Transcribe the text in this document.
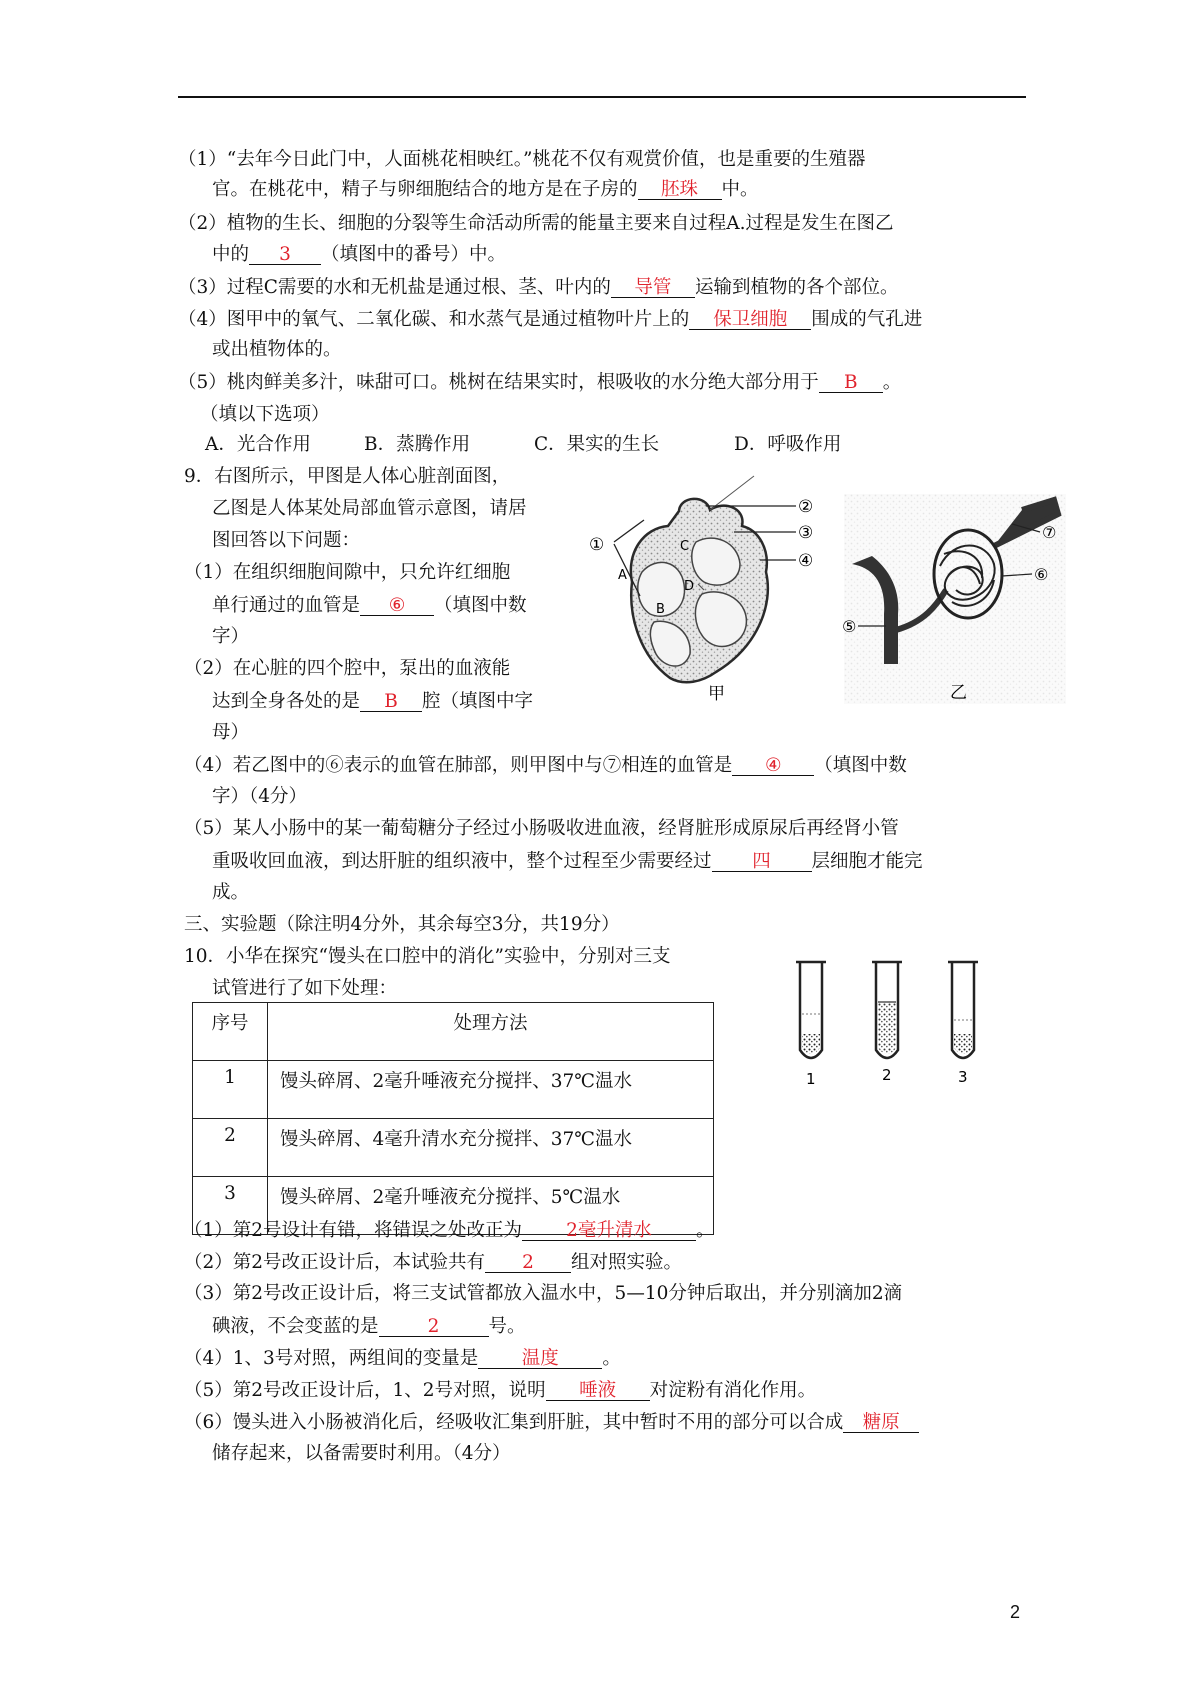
（1）“去年今日此门中，人面桃花相映红。”桃花不仅有观赏价值，也是重要的生殖器
官。在桃花中，精子与卵细胞结合的地方是在子房的 胚珠 中。
（2）植物的生长、细胞的分裂等生命活动所需的能量主要来自过程A.过程是发生在图乙
中的 3 （填图中的番号）中。
（3）过程C需要的水和无机盐是通过根、茎、叶内的 导管 运输到植物的各个部位。
（4）图甲中的氧气、二氧化碳、和水蒸气是通过植物叶片上的 保卫细胞 围成的气孔进
或出植物体的。
（5）桃肉鲜美多汁，味甜可口。桃树在结果实时，根吸收的水分绝大部分用于 B 。
（填以下选项）
A．光合作用	B．蒸腾作用	C．果实的生长	D．呼吸作用
9．右图所示，甲图是人体心脏剖面图，
乙图是人体某处局部血管示意图，请居
图回答以下问题：
（1）在组织细胞间隙中，只允许红细胞
单行通过的血管是 ⑥ （填图中数
字）
（2）在心脏的四个腔中，泵出的血液能
达到全身各处的是 B 腔（填图中字
母）
（4）若乙图中的⑥表示的血管在肺部，则甲图中与⑦相连的血管是 ④ （填图中数
字）（4分）
（5）某人小肠中的某一葡萄糖分子经过小肠吸收进血液，经肾脏形成原尿后再经肾小管
重吸收回血液，到达肝脏的组织液中，整个过程至少需要经过 四 层细胞才能完
成。
A
B
C
D
①
②
③
④
甲
⑤
⑥
⑦
乙
三、实验题（除注明4分外，其余每空3分，共19分）
10．小华在探究“馒头在口腔中的消化”实验中，分别对三支
试管进行了如下处理：
序号	处理方法
1	馒头碎屑、2毫升唾液充分搅拌、37℃温水
2	馒头碎屑、4毫升清水充分搅拌、37℃温水
3	馒头碎屑、2毫升唾液充分搅拌、5℃温水
1	2	3
（1）第2号设计有错，将错误之处改正为 2毫升清水 。
（2）第2号改正设计后，本试验共有 2 组对照实验。
（3）第2号改正设计后，将三支试管都放入温水中，5—10分钟后取出，并分别滴加2滴
碘液，不会变蓝的是	2	号。
（4）1、3号对照，两组间的变量是 温度 。
（5）第2号改正设计后，1、2号对照，说明 唾液 对淀粉有消化作用。
（6）馒头进入小肠被消化后，经吸收汇集到肝脏，其中暂时不用的部分可以合成 糖原
储存起来，以备需要时利用。（4分）
2
